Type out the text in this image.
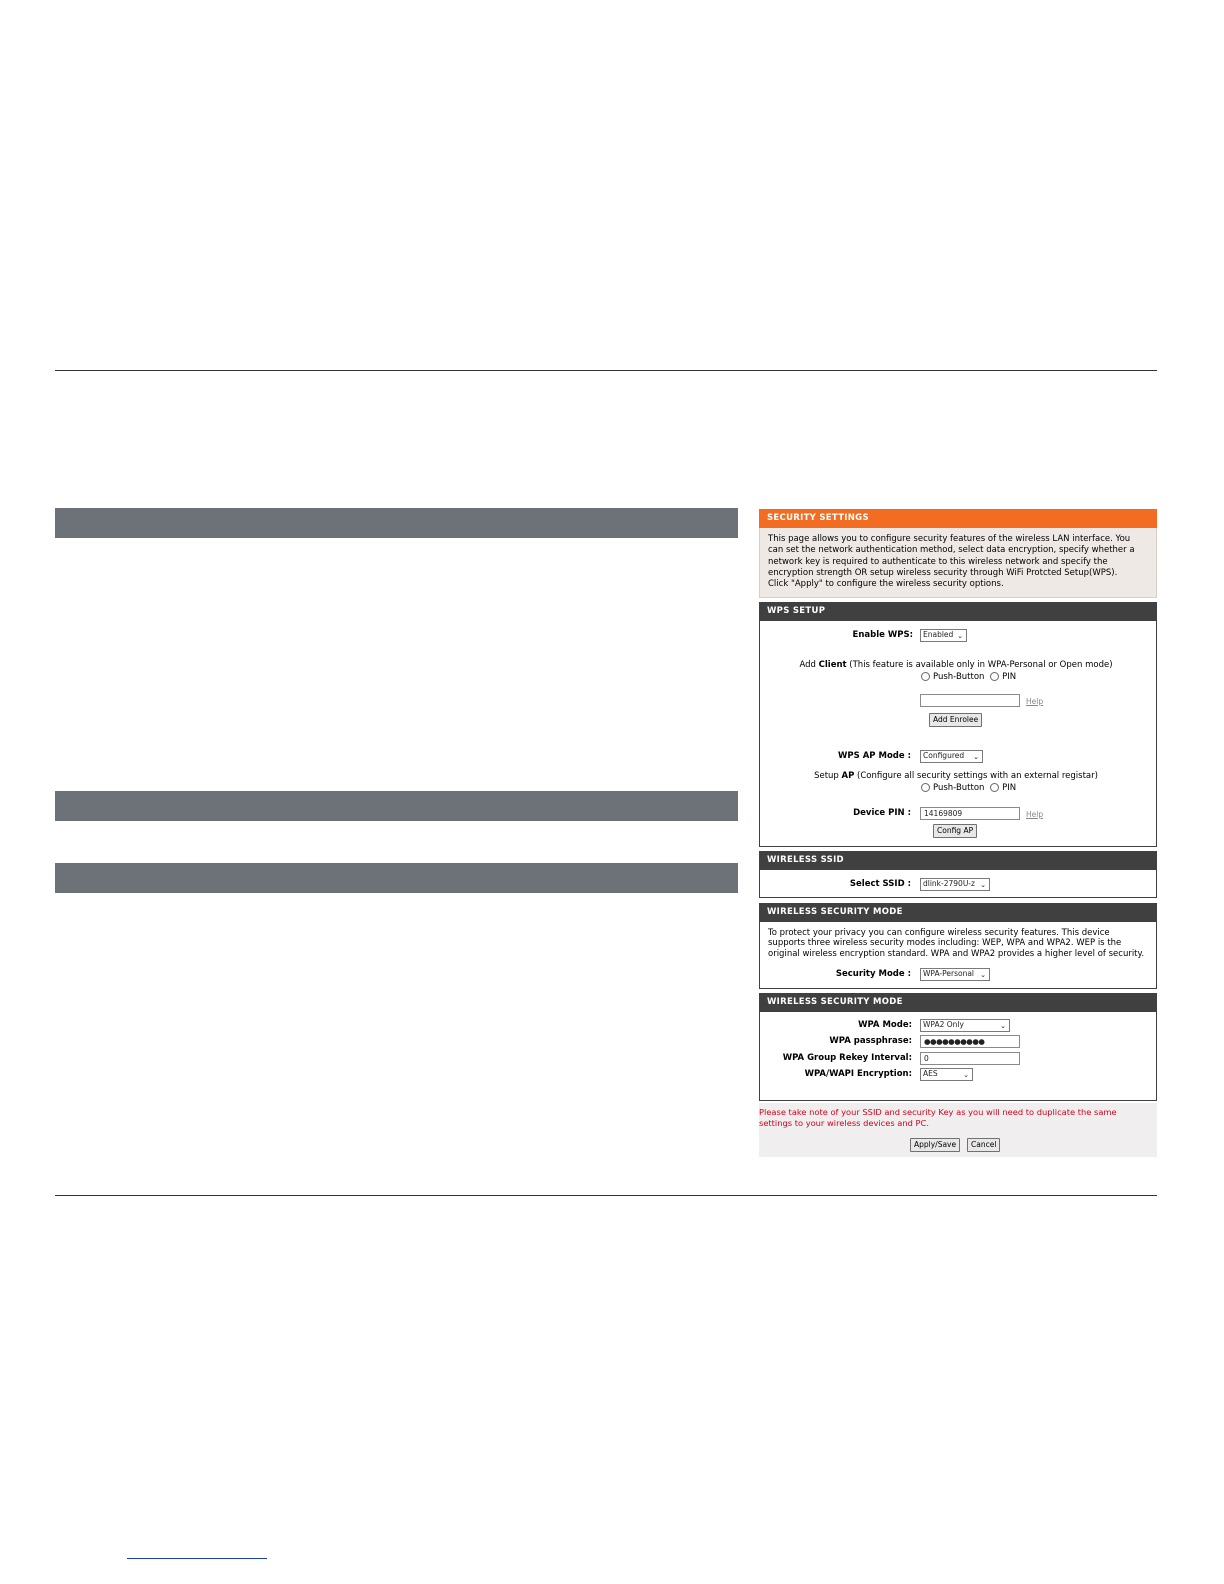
SECURITY SETTINGS

This page allows you to configure security features of the wireless LAN interface. You can set the network authentication method, select data encryption, specify whether a network key is required to authenticate to this wireless network and specify the encryption strength OR setup wireless security through WiFi Protcted Setup(WPS).

Click "Apply" to configure the wireless security options.

WPS SETUP
Enable WPS: Enabled ⌄
Add Client (This feature is available only in WPA-Personal or Open mode)
Push-Button PIN
Help
Add Enrolee
WPS AP Mode : Configured ⌄
Setup AP (Configure all security settings with an external registar)
Push-Button PIN
Device PIN :	14169809	Help
Config AP
WIRELESS SSID
Select SSID : dlink-2790U-z ⌄
WIRELESS SECURITY MODE

To protect your privacy you can configure wireless security features. This device supports three wireless security modes including: WEP, WPA and WPA2. WEP is the original wireless encryption standard. WPA and WPA2 provides a higher level of security.

Security Mode : WPA-Personal ⌄
WIRELESS SECURITY MODE
WPA Mode: WPA2 Only	⌄
WPA passphrase:	●●●●●●●●●●
WPA Group Rekey Interval:	0
WPA/WAPI Encryption: AES	⌄
Please take note of your SSID and security Key as you will need to duplicate the same settings to your wireless devices and PC.
Apply/Save	Cancel
